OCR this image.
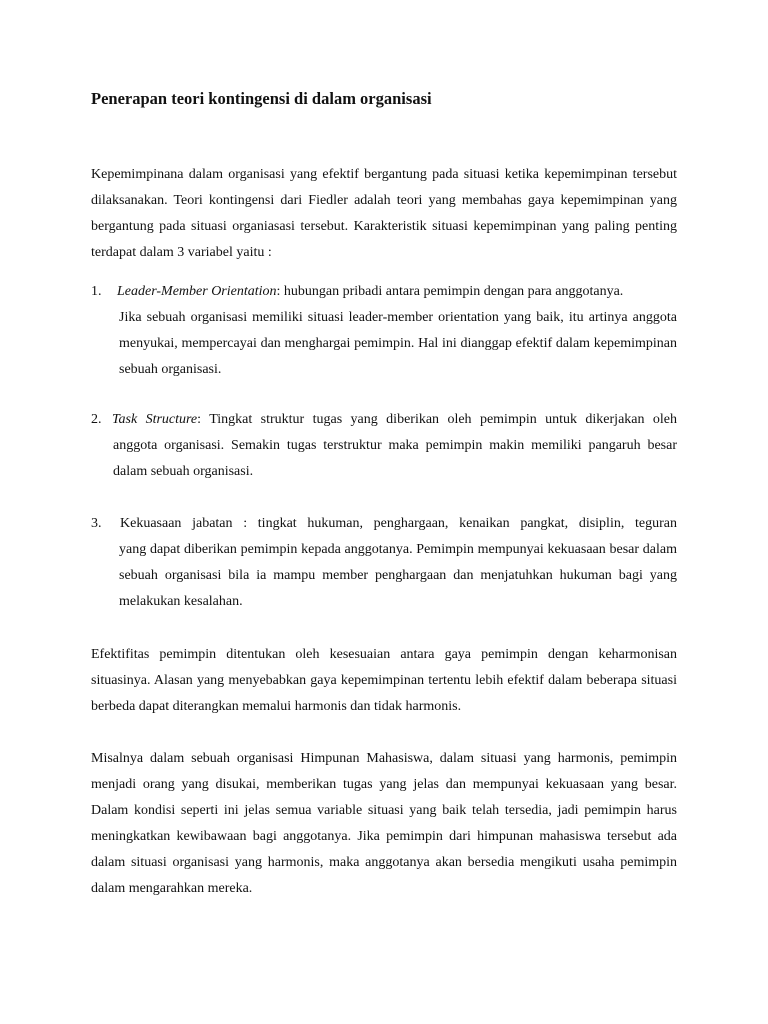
Penerapan teori kontingensi di dalam organisasi

Kepemimpinana dalam organisasi yang efektif bergantung pada situasi ketika kepemimpinan tersebut dilaksanakan. Teori kontingensi dari Fiedler adalah teori yang membahas gaya kepemimpinan yang bergantung pada situasi organiasasi tersebut. Karakteristik situasi kepemimpinan yang paling penting terdapat dalam 3 variabel yaitu :

1. Leader-Member Orientation: hubungan pribadi antara pemimpin dengan para anggotanya.
Jika sebuah organisasi memiliki situasi leader-member orientation yang baik, itu artinya anggota menyukai, mempercayai dan menghargai pemimpin. Hal ini dianggap efektif dalam kepemimpinan sebuah organisasi.
2. Task Structure: Tingkat struktur tugas yang diberikan oleh pemimpin untuk dikerjakan oleh
anggota organisasi. Semakin tugas terstruktur maka pemimpin makin memiliki pangaruh besar dalam sebuah organisasi.
3. Kekuasaan jabatan : tingkat hukuman, penghargaan, kenaikan pangkat, disiplin, teguran
yang dapat diberikan pemimpin kepada anggotanya. Pemimpin mempunyai kekuasaan besar dalam sebuah organisasi bila ia mampu member penghargaan dan menjatuhkan hukuman bagi yang melakukan kesalahan.

Efektifitas pemimpin ditentukan oleh kesesuaian antara gaya pemimpin dengan keharmonisan situasinya. Alasan yang menyebabkan gaya kepemimpinan tertentu lebih efektif dalam beberapa situasi berbeda dapat diterangkan memalui harmonis dan tidak harmonis.

Misalnya dalam sebuah organisasi Himpunan Mahasiswa, dalam situasi yang harmonis, pemimpin menjadi orang yang disukai, memberikan tugas yang jelas dan mempunyai kekuasaan yang besar. Dalam kondisi seperti ini jelas semua variable situasi yang baik telah tersedia, jadi pemimpin harus meningkatkan kewibawaan bagi anggotanya. Jika pemimpin dari himpunan mahasiswa tersebut ada dalam situasi organisasi yang harmonis, maka anggotanya akan bersedia mengikuti usaha pemimpin dalam mengarahkan mereka.
